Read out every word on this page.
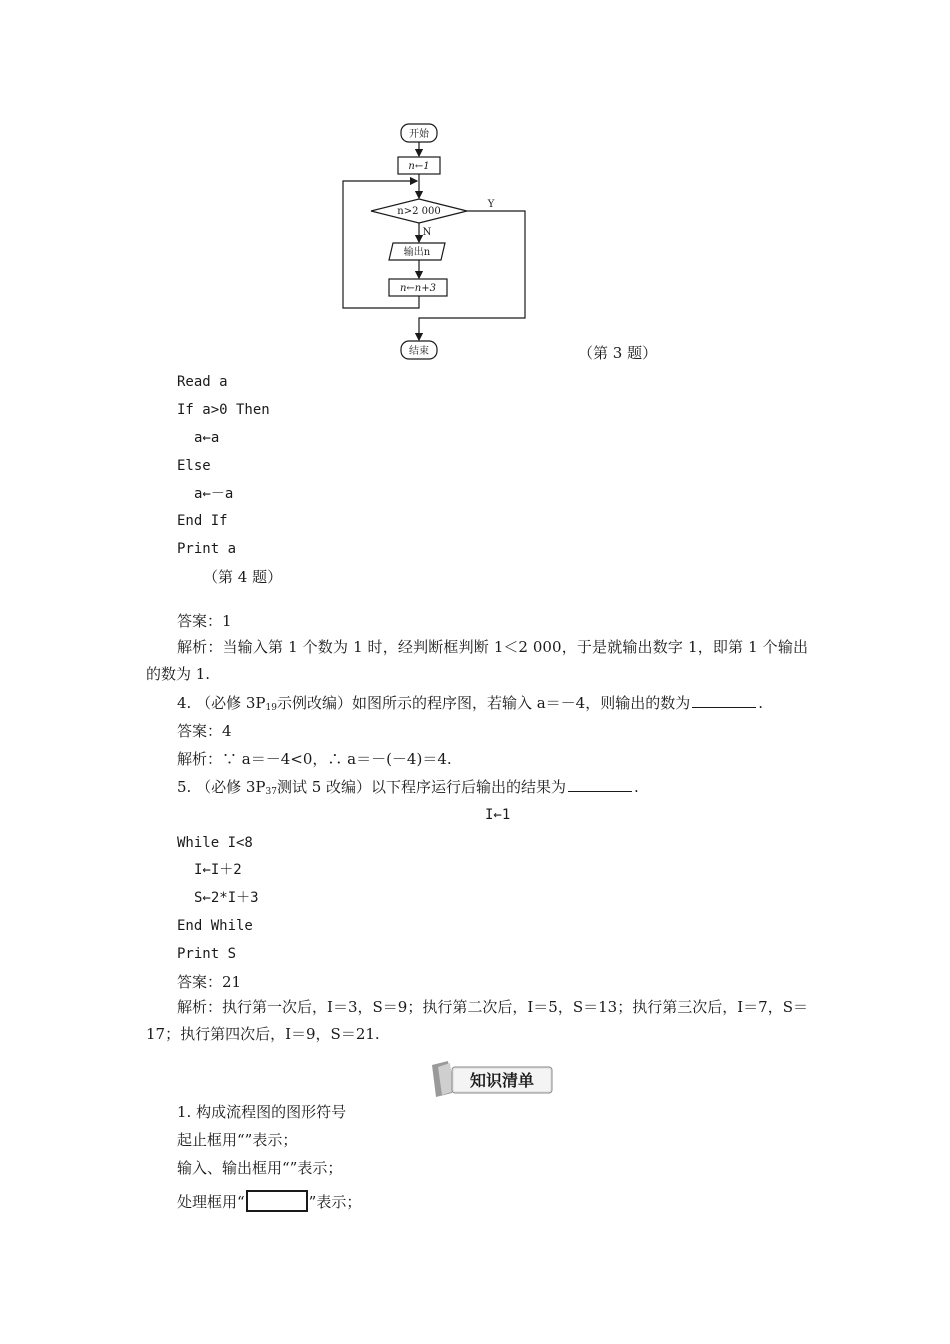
开始
n←1
n>2 000
Y
N
输出n
n←n+3
结束	（第 3 题）
Read a
If a>0 Then
a←a
Else
a←－a
End If
Print a
（第 4 题）
答案：1
解析：当输入第 1 个数为 1 时，经判断框判断 1＜2 000，于是就输出数字 1，即第 1 个输出的数为 1.
4. （必修 $3P_{19}$示例改编）如图所示的程序图，若输入 a＝－4，则输出的数为	.
答案：4
解析：∵ a＝－4<0，∴ a＝－(－4)＝4.
5. （必修 $3P_{37}$测试 5 改编）以下程序运行后输出的结果为	.
I←1
While I<8
I←I＋2
S←2*I＋3
End While
Print S
答案：21
解析：执行第一次后，I＝3，S＝9；执行第二次后，I＝5，S＝13；执行第三次后，I＝7，S＝17；执行第四次后，I＝9，S＝21.
知识清单
1. 构成流程图的图形符号
起止框用“”表示；
输入、输出框用“”表示；
处理框用“	”表示；
